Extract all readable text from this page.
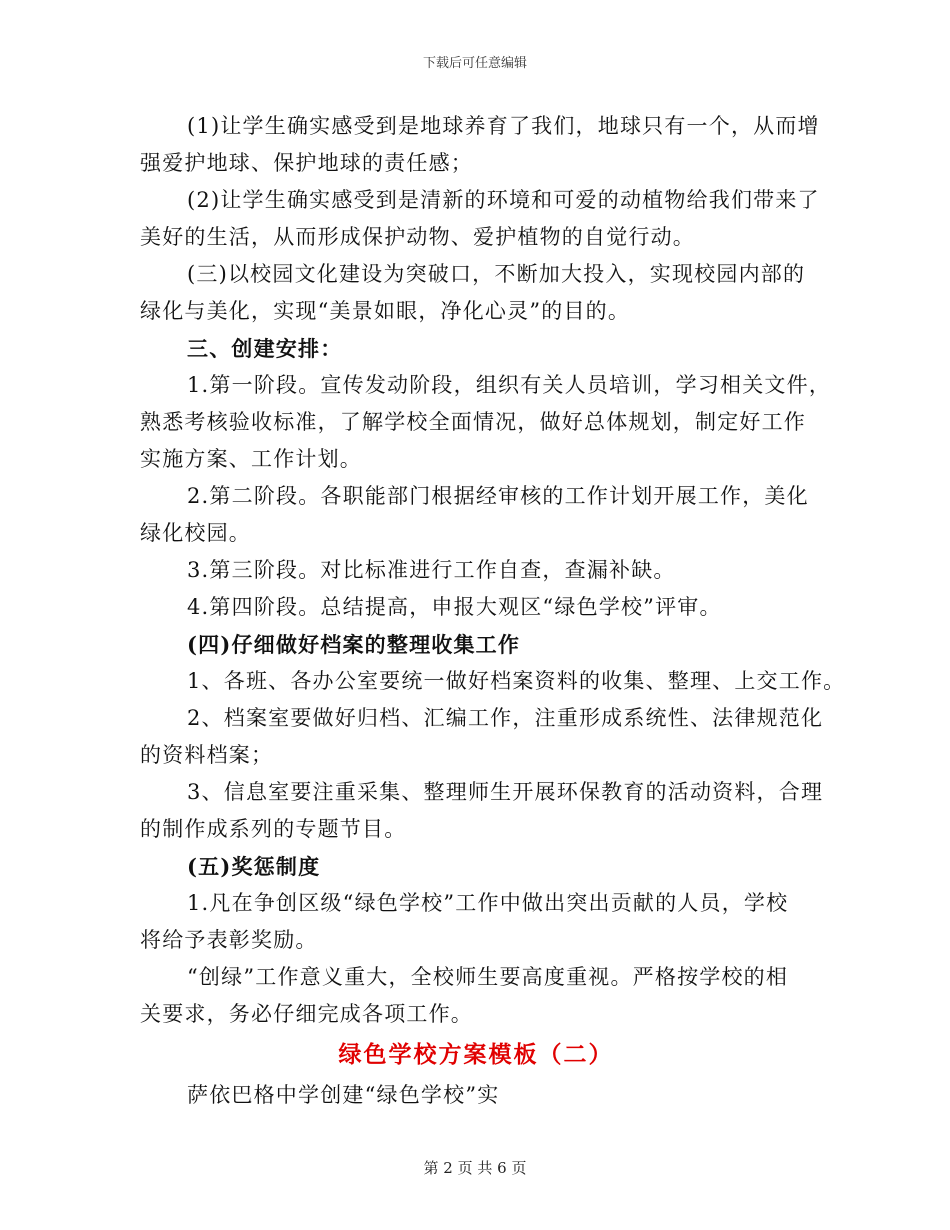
下载后可任意编辑
(1)让学生确实感受到是地球养育了我们，地球只有一个，从而增
强爱护地球、保护地球的责任感；
(2)让学生确实感受到是清新的环境和可爱的动植物给我们带来了
美好的生活，从而形成保护动物、爱护植物的自觉行动。
(三)以校园文化建设为突破口，不断加大投入，实现校园内部的
绿化与美化，实现“美景如眼，净化心灵”的目的。
三、创建安排：
1.第一阶段。宣传发动阶段，组织有关人员培训，学习相关文件，
熟悉考核验收标准，了解学校全面情况，做好总体规划，制定好工作
实施方案、工作计划。
2.第二阶段。各职能部门根据经审核的工作计划开展工作，美化
绿化校园。
3.第三阶段。对比标准进行工作自查，查漏补缺。
4.第四阶段。总结提高，申报大观区“绿色学校”评审。
(四)仔细做好档案的整理收集工作
1、各班、各办公室要统一做好档案资料的收集、整理、上交工作。
2、档案室要做好归档、汇编工作，注重形成系统性、法律规范化
的资料档案；
3、信息室要注重采集、整理师生开展环保教育的活动资料，合理
的制作成系列的专题节目。
(五)奖惩制度
1.凡在争创区级“绿色学校”工作中做出突出贡献的人员，学校
将给予表彰奖励。
“创绿”工作意义重大，全校师生要高度重视。严格按学校的相
关要求，务必仔细完成各项工作。
绿色学校方案模板（二）
萨依巴格中学创建“绿色学校”实
第 2 页 共 6 页
